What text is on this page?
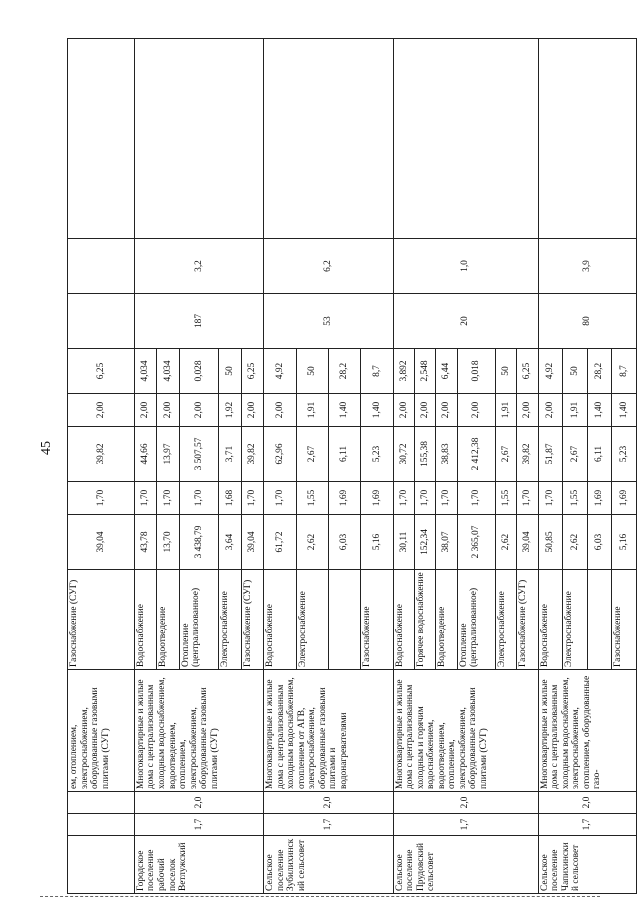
45
			ем, отоплением, электроснабжением, оборудованные газовыми плитами (СУГ)	Газоснабжение (СУГ)	39,04	1,70	39,82	2,00	6,25			
Городское поселение рабочий поселок Ветлужский	1,7	2,0	Многоквартирные и жилые дома с централизованным холодным водоснабжением, водоотведением, отоплением, электроснабжением, оборудованные газовыми плитами (СУГ)	Водоснабжение	43,78	1,70	44,66	2,00	4,034	187	3,2	
				Водоотведение	13,70	1,70	13,97	2,00	4,034			
				Отопление (централизованное)	3 438,79	1,70	3 507,57	2,00	0,028			
				Электроснабжение	3,64	1,68	3,71	1,92	50			
				Газоснабжение (СУГ)	39,04	1,70	39,82	2,00	6,25			
Сельское поселение Зубилихинский сельсовет	1,7	2,0	Многоквартирные и жилые дома с централизованным холодным водоснабжением, отоплением от АГВ, электроснабжением, оборудованные газовыми плитами и водонагревателями	Водоснабжение	61,72	1,70	62,96	2,00	4,92	53	6,2	
				Электроснабжение	2,62	1,55	2,67	1,91	50			
					6,03	1,69	6,11	1,40	28,2			
				Газоснабжение	5,16	1,69	5,23	1,40	8,7			
Сельское поселение Прудовский сельсовет	1,7	2,0	Многоквартирные и жилые дома с централизованным холодным и горячим водоснабжением, водоотведением, отоплением, электроснабжением, оборудованные газовыми плитами (СУГ)	Водоснабжение	30,11	1,70	30,72	2,00	3,892	20	1,0	
				Горячее водоснабжение	152,34	1,70	155,38	2,00	2,548			
				Водоотведение	38,07	1,70	38,83	2,00	6,44			
				Отопление (централизованное)	2 365,07	1,70	2 412,38	2,00	0,018			
				Электроснабжение	2,62	1,55	2,67	1,91	50			
				Газоснабжение (СУГ)	39,04	1,70	39,82	2,00	6,25			
Сельское поселение Чапихинский сельсовет	1,7	2,0	Многоквартирные и жилые дома с централизованным холодным водоснабжением, электроснабжением, отоплением, оборудованные газо-	Водоснабжение	50,85	1,70	51,87	2,00	4,92	80	3,9	
				Электроснабжение	2,62	1,55	2,67	1,91	50			
					6,03	1,69	6,11	1,40	28,2			
				Газоснабжение	5,16	1,69	5,23	1,40	8,7			
